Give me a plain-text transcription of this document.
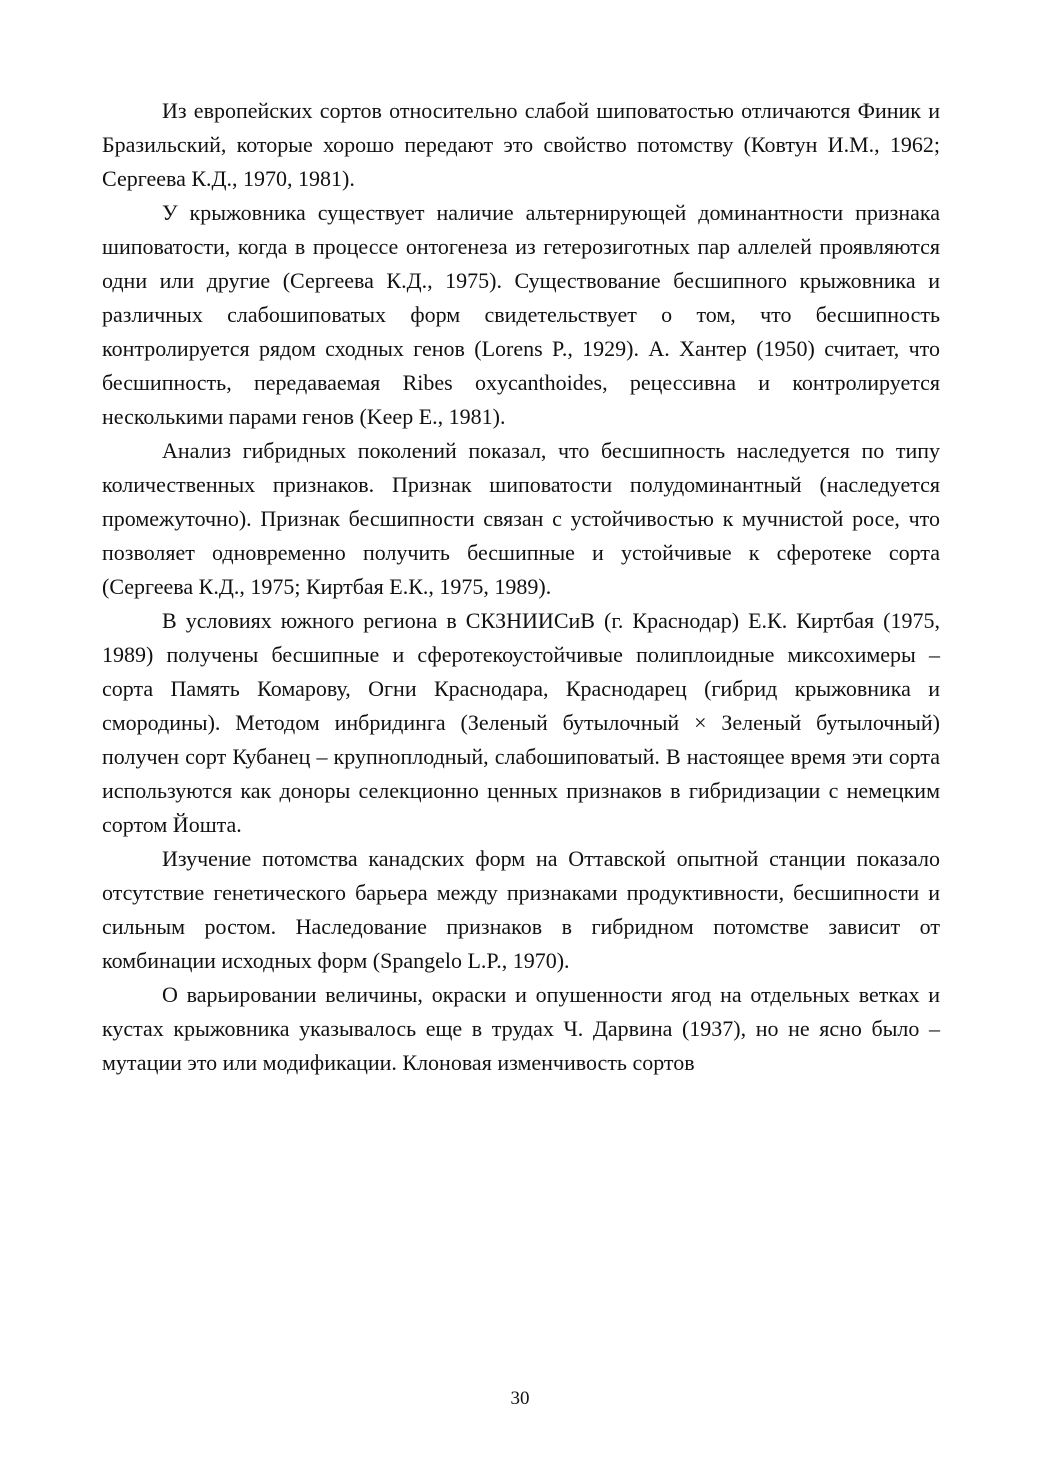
Из европейских сортов относительно слабой шиповатостью отличаются Финик и Бразильский, которые хорошо передают это свойство потомству (Ковтун И.М., 1962; Сергеева К.Д., 1970, 1981).

У крыжовника существует наличие альтернирующей доминантности признака шиповатости, когда в процессе онтогенеза из гетерозиготных пар аллелей проявляются одни или другие (Сергеева К.Д., 1975). Существование бесшипного крыжовника и различных слабошиповатых форм свидетельствует о том, что бесшипность контролируется рядом сходных генов (Lorens P., 1929). А. Хантер (1950) считает, что бесшипность, передаваемая Ribes oxycanthoides, рецессивна и контролируется несколькими парами генов (Keep E., 1981).

Анализ гибридных поколений показал, что бесшипность наследуется по типу количественных признаков. Признак шиповатости полудоминантный (наследуется промежуточно). Признак бесшипности связан с устойчивостью к мучнистой росе, что позволяет одновременно получить бесшипные и устойчивые к сферотеке сорта (Сергеева К.Д., 1975; Киртбая Е.К., 1975, 1989).

В условиях южного региона в СКЗНИИСиВ (г. Краснодар) Е.К. Киртбая (1975, 1989) получены бесшипные и сферотекоустойчивые полиплоидные миксохимеры – сорта Память Комарову, Огни Краснодара, Краснодарец (гибрид крыжовника и смородины). Методом инбридинга (Зеленый бутылочный × Зеленый бутылочный) получен сорт Кубанец – крупноплодный, слабошиповатый. В настоящее время эти сорта используются как доноры селекционно ценных признаков в гибридизации с немецким сортом Йошта.

Изучение потомства канадских форм на Оттавской опытной станции показало отсутствие генетического барьера между признаками продуктивности, бесшипности и сильным ростом. Наследование признаков в гибридном потомстве зависит от комбинации исходных форм (Spangelo L.P., 1970).

О варьировании величины, окраски и опушенности ягод на отдельных ветках и кустах крыжовника указывалось еще в трудах Ч. Дарвина (1937), но не ясно было – мутации это или модификации. Клоновая изменчивость сортов

30
